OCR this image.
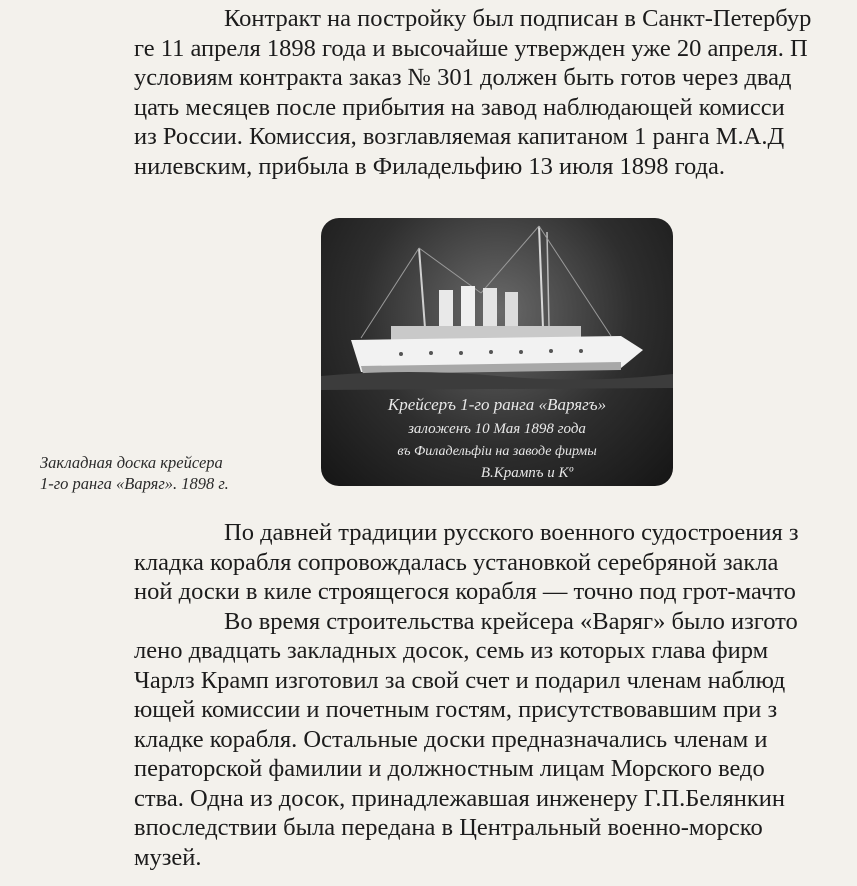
Контракт на постройку был подписан в Санкт-Петербур
ге 11 апреля 1898 года и высочайше утвержден уже 20 апреля. П
условиям контракта заказ № 301 должен быть готов через двад
цать месяцев после прибытия на завод наблюдающей комисси
из России. Комиссия, возглавляемая капитаном 1 ранга М.А.Д
нилевским, прибыла в Филадельфию 13 июля 1898 года.
Крейсеръ 1-го ранга «Варягъ»
заложенъ 10 Мая 1898 года
въ Филадельфiи на заводе фирмы
В.Крампъ и Кº
Закладная доска крейсера
1-го ранга «Варяг». 1898 г.
По давней традиции русского военного судостроения з
кладка корабля сопровождалась установкой серебряной закла
ной доски в киле строящегося корабля — точно под грот-мачто
Во время строительства крейсера «Варяг» было изгото
лено двадцать закладных досок, семь из которых глава фирм
Чарлз Крамп изготовил за свой счет и подарил членам наблюд
ющей комиссии и почетным гостям, присутствовавшим при з
кладке корабля. Остальные доски предназначались членам и
ператорской фамилии и должностным лицам Морского ведо
ства. Одна из досок, принадлежавшая инженеру Г.П.Белянкин
впоследствии была передана в Центральный военно-морско
музей.
